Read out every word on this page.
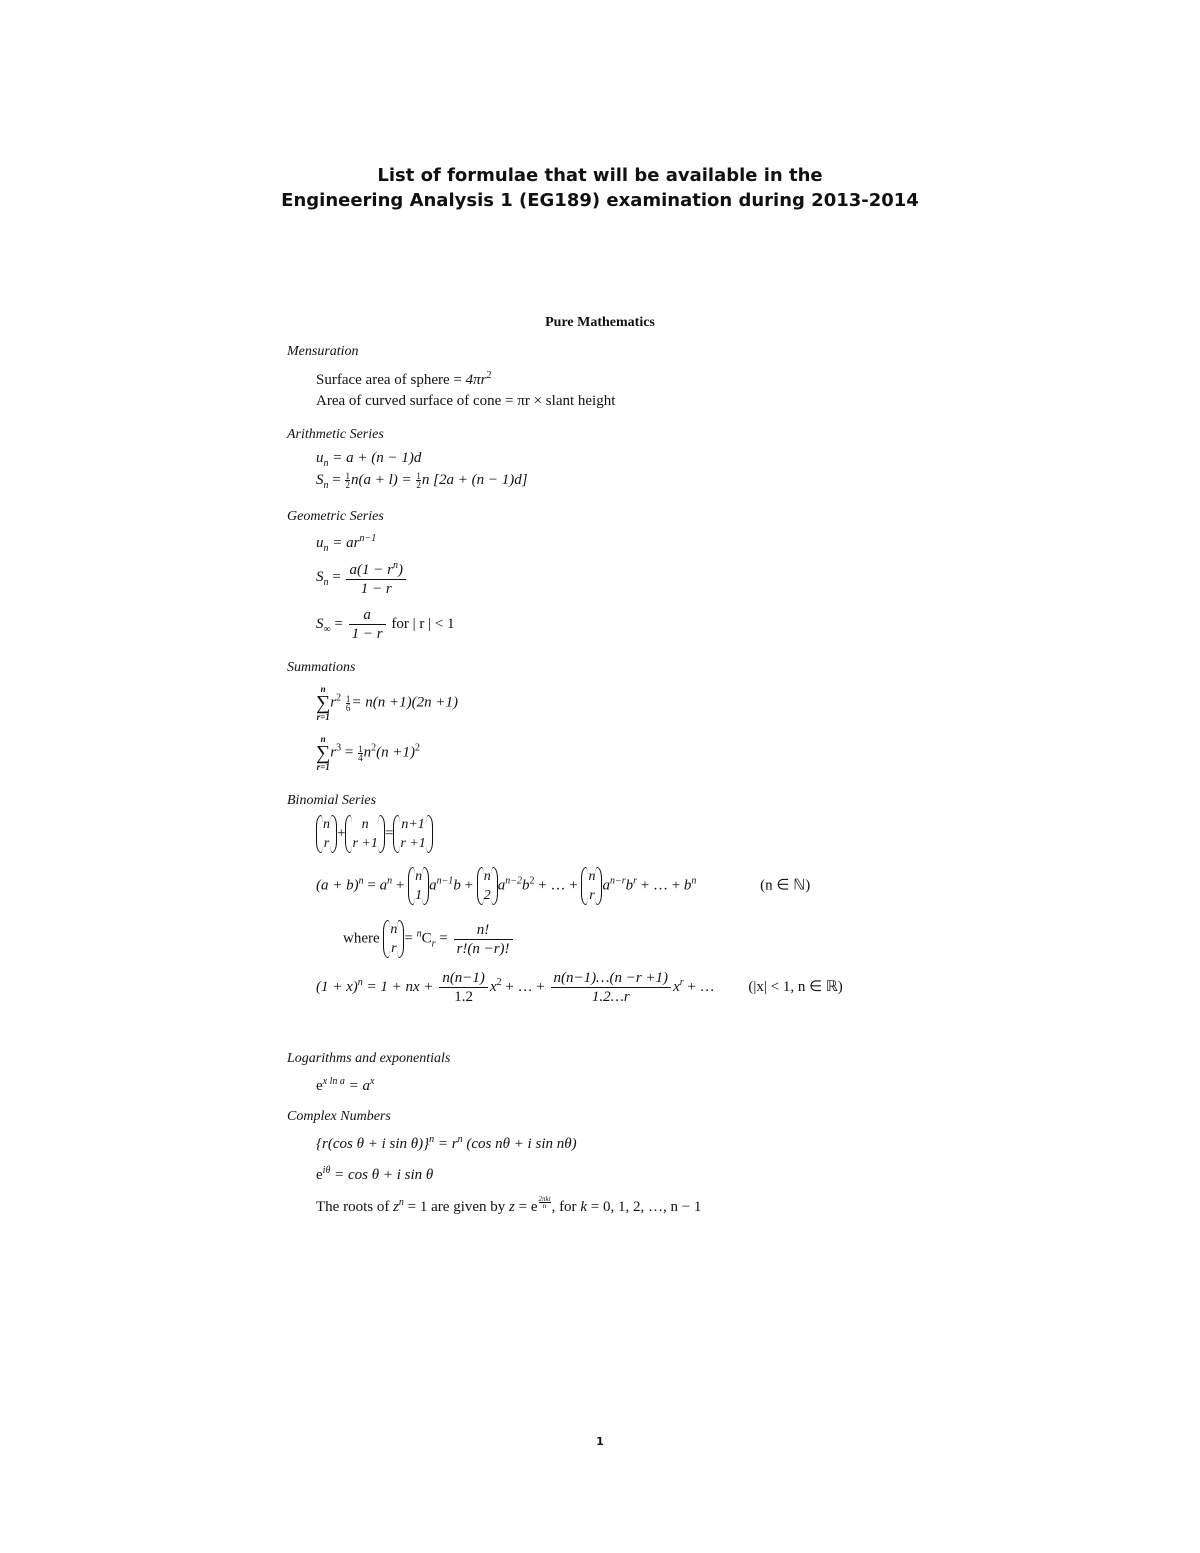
List of formulae that will be available in the
Engineering Analysis 1 (EG189) examination during 2013-2014
Pure Mathematics
Mensuration
Surface area of sphere = $4\pi r^2$
Area of curved surface of cone = πr × slant height
Arithmetic Series
$u_n = a + (n - 1)d$
$S_n = \frac{1}{2}n(a + l) = \frac{1}{2}n$ [2a + (n − 1)d]
Geometric Series
$u_n = ar^{n-1}$
$S_n = \frac{a(1 - r^n)}{1 - r}$
$S_\infty = \frac{a}{1 - r}$ for | r | < 1
Summations
n
∑
r=1
$r^2 \frac{1}{6}= n(n +1)(2n +1)$
n
∑
r=1
$r^3 = \frac{1}{4}n^2(n +1)^2$
Binomial Series
n
r
+
n
r +1
=
n+1
r +1
$(a + b)^n = a^n$ +
n
1
$a^{n-1}b$ +
n
2
$a^{n-2}b^2$ + … +
n
r
$a^{n-r}b^r$ + … + $b^n$	(n ∈ ℕ)
where
n
r
= $^nC_r = \frac{n!}{r!(n -r)!}$
$(1 + x)^n = 1$ + nx + $\frac{n(n-1)}{1.2} x^2$ + … + $\frac{n(n-1)\dots(n -r +1)}{1.2\dots r} x^r$ + … (|x| < 1, n ∈ ℝ)
Logarithms and exponentials
$e^{x ln a} = a^x$
Complex Numbers
{r(cos θ + i $\sin \theta)\}^n = r^n$ (cos nθ + i sin nθ)
$e^{i\theta} = \cos \theta + i$ sin θ
The roots of $z^n = 1$ are given by z = e $^{\frac{\text{2πki}}{n}}$, for k = 0, 1, 2, …, n − 1
1
